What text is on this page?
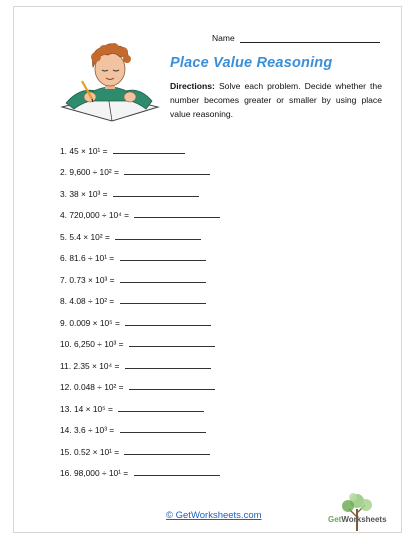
Name
Place Value Reasoning
Directions: Solve each problem. Decide whether the number becomes greater or smaller by using place value reasoning.
1. 45 × 10¹ =
2. 9,600 ÷ 10² =
3. 38 × 10³ =
4. 720,000 ÷ 10⁴ =
5. 5.4 × 10² =
6. 81.6 ÷ 10¹ =
7. 0.73 × 10³ =
8. 4.08 ÷ 10² =
9. 0.009 × 10⁵ =
10. 6,250 ÷ 10³ =
11. 2.35 × 10⁴ =
12. 0.048 ÷ 10² =
13. 14 × 10⁵ =
14. 3.6 ÷ 10³ =
15. 0.52 × 10¹ =
16. 98,000 ÷ 10¹ =
© GetWorksheets.com	GetWorksheets
